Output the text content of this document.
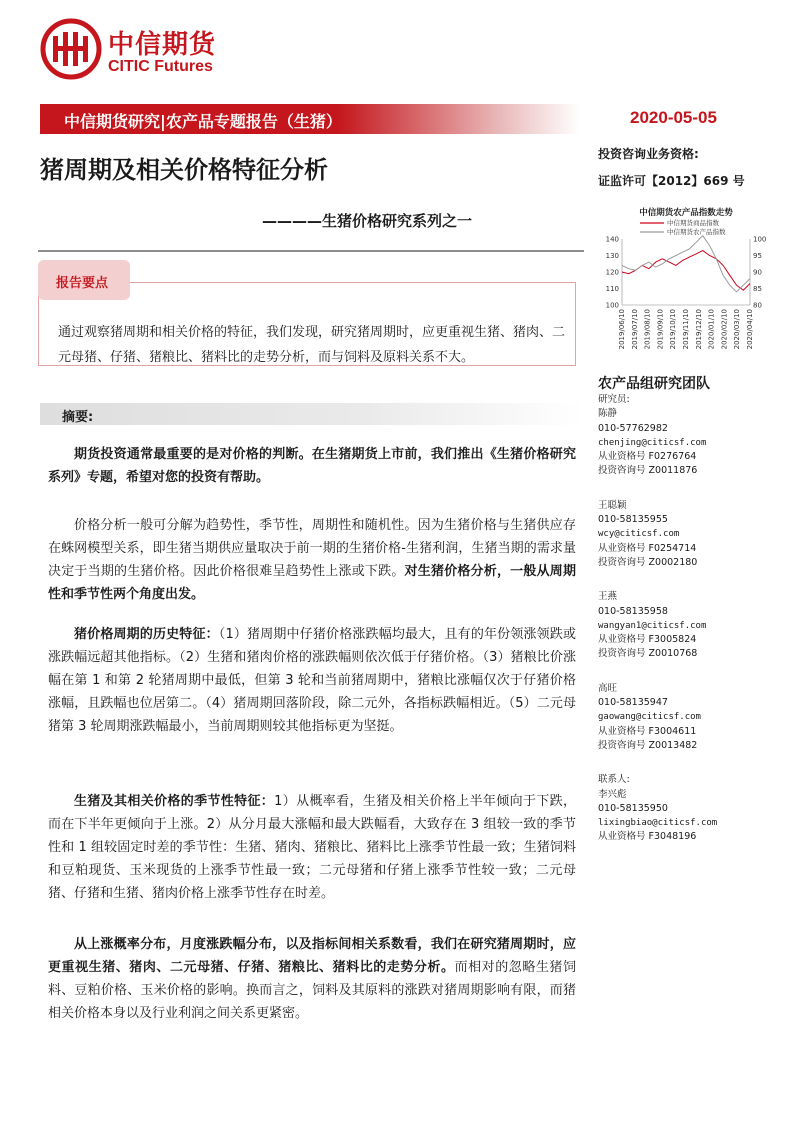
中信期货
CITIC Futures
中信期货研究|农产品专题报告（生猪）	2020-05-05
猪周期及相关价格特征分析
————生猪价格研究系列之一
投资咨询业务资格:
证监许可【2012】669 号
中信期货农产品指数走势
中信期货商品指数
中信期货农产品指数
140
130
120
110
100
100
95
90
85
80
2019/06/10 2019/07/10 2019/08/10 2019/09/10 2019/10/10 2019/11/10 2019/12/10 2020/01/10 2020/02/10 2020/03/10 2020/04/10
农产品组研究团队
研究员:
陈静
010-57762982
chenjing@citicsf.com
从业资格号 F0276764
投资咨询号 Z0011876
王聪颖
010-58135955
wcy@citicsf.com
从业资格号 F0254714
投资咨询号 Z0002180
王燕
010-58135958
wangyan1@citicsf.com
从业资格号 F3005824
投资咨询号 Z0010768
高旺
010-58135947
gaowang@citicsf.com
从业资格号 F3004611
投资咨询号 Z0013482
联系人:
李兴彪
010-58135950
lixingbiao@citicsf.com
从业资格号 F3048196
报告要点
通过观察猪周期和相关价格的特征，我们发现，研究猪周期时，应更重视生猪、猪肉、二元母猪、仔猪、猪粮比、猪料比的走势分析，而与饲料及原料关系不大。
摘要:

期货投资通常最重要的是对价格的判断。在生猪期货上市前，我们推出《生猪价格研究系列》专题，希望对您的投资有帮助。

价格分析一般可分解为趋势性，季节性，周期性和随机性。因为生猪价格与生猪供应存在蛛网模型关系，即生猪当期供应量取决于前一期的生猪价格-生猪利润，生猪当期的需求量决定于当期的生猪价格。因此价格很难呈趋势性上涨或下跌。对生猪价格分析，一般从周期性和季节性两个角度出发。

猪价格周期的历史特征：（1）猪周期中仔猪价格涨跌幅均最大，且有的年份领涨领跌或涨跌幅远超其他指标。（2）生猪和猪肉价格的涨跌幅则依次低于仔猪价格。（3）猪粮比价涨幅在第 1 和第 2 轮猪周期中最低，但第 3 轮和当前猪周期中，猪粮比涨幅仅次于仔猪价格涨幅，且跌幅也位居第二。（4）猪周期回落阶段，除二元外，各指标跌幅相近。（5）二元母猪第 3 轮周期涨跌幅最小，当前周期则较其他指标更为坚挺。

生猪及其相关价格的季节性特征：1）从概率看，生猪及相关价格上半年倾向于下跌，而在下半年更倾向于上涨。2）从分月最大涨幅和最大跌幅看，大致存在 3 组较一致的季节性和 1 组较固定时差的季节性：生猪、猪肉、猪粮比、猪料比上涨季节性最一致；生猪饲料和豆粕现货、玉米现货的上涨季节性最一致；二元母猪和仔猪上涨季节性较一致；二元母猪、仔猪和生猪、猪肉价格上涨季节性存在时差。

从上涨概率分布，月度涨跌幅分布，以及指标间相关系数看，我们在研究猪周期时，应更重视生猪、猪肉、二元母猪、仔猪、猪粮比、猪料比的走势分析。而相对的忽略生猪饲料、豆粕价格、玉米价格的影响。换而言之，饲料及其原料的涨跌对猪周期影响有限，而猪相关价格本身以及行业利润之间关系更紧密。
